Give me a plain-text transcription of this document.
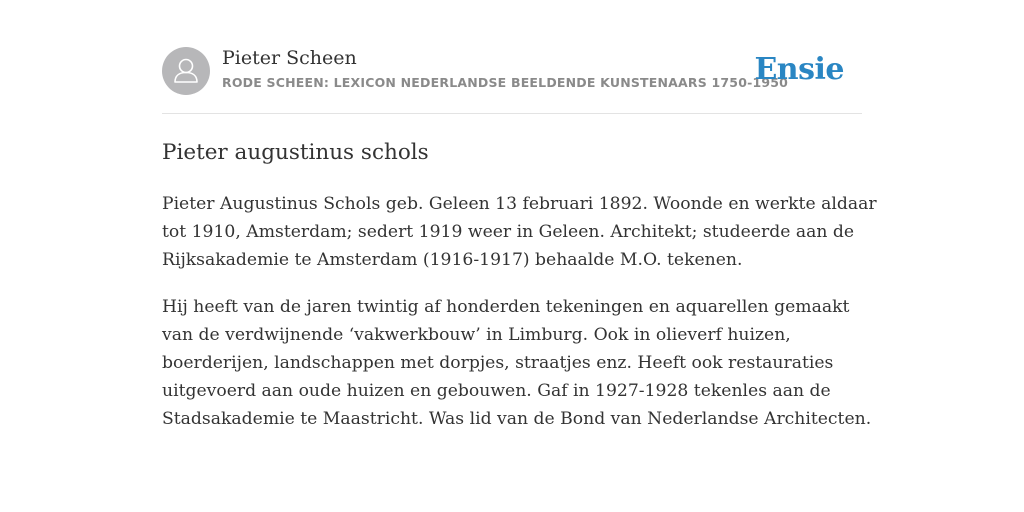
Pieter Scheen
RODE SCHEEN: LEXICON NEDERLANDSE BEELDENDE KUNSTENAARS 1750-1950
Ensie
Pieter augustinus schols

Pieter Augustinus Schols geb. Geleen 13 februari 1892. Woonde en werkte aldaar
tot 1910, Amsterdam; sedert 1919 weer in Geleen. Architekt; studeerde aan de
Rijksakademie te Amsterdam (1916-1917) behaalde M.O. tekenen.

Hij heeft van de jaren twintig af honderden tekeningen en aquarellen gemaakt
van de verdwijnende ‘vakwerkbouw’ in Limburg. Ook in olieverf huizen,
boerderijen, landschappen met dorpjes, straatjes enz. Heeft ook restauraties
uitgevoerd aan oude huizen en gebouwen. Gaf in 1927-1928 tekenles aan de
Stadsakademie te Maastricht. Was lid van de Bond van Nederlandse Architecten.
